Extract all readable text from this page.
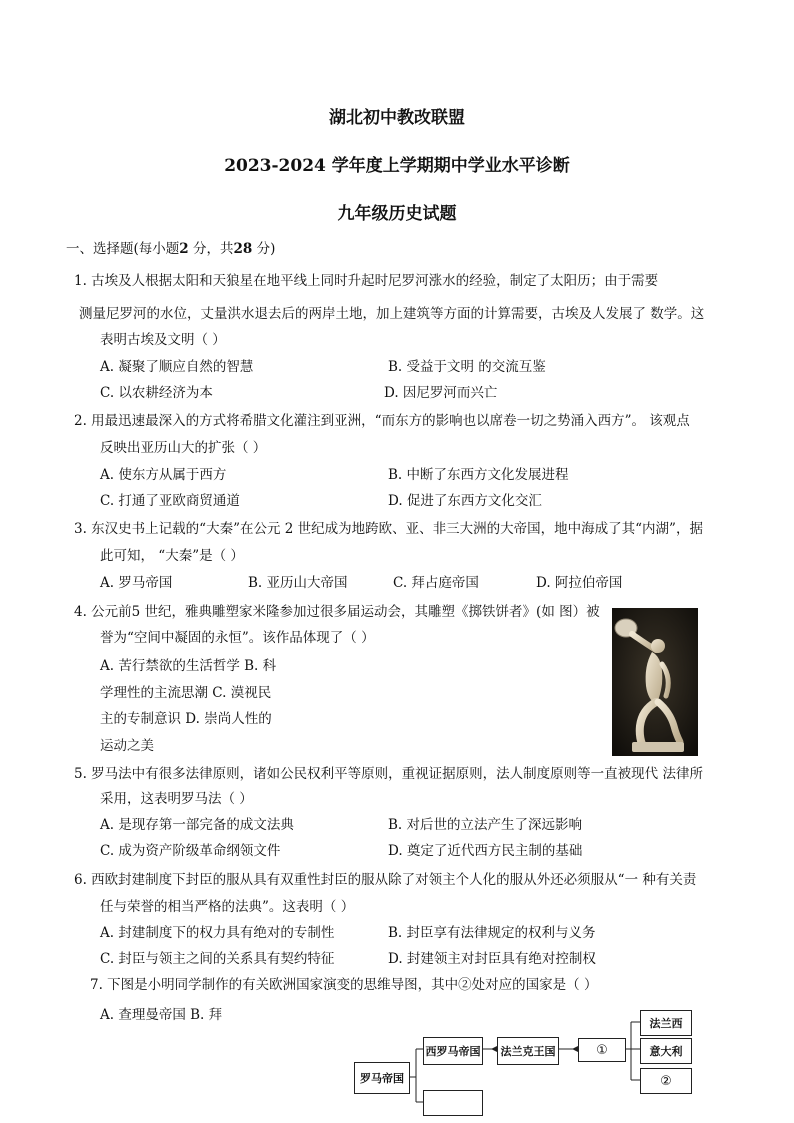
湖北初中教改联盟
2023-2024 学年度上学期期中学业水平诊断
九年级历史试题
一、选择题(每小题2 分，共28 分)
1. 古埃及人根据太阳和天狼星在地平线上同时升起时尼罗河涨水的经验，制定了太阳历；由于需要
测量尼罗河的水位，丈量洪水退去后的两岸土地，加上建筑等方面的计算需要，古埃及人发展了 数学。这
表明古埃及文明（ ）
A. 凝聚了顺应自然的智慧	B. 受益于文明 的交流互鉴
C. 以农耕经济为本	D. 因尼罗河而兴亡
2. 用最迅速最深入的方式将希腊文化灌注到亚洲，“而东方的影响也以席卷一切之势涌入西方”。 该观点
反映出亚历山大的扩张（ ）
A. 使东方从属于西方	B. 中断了东西方文化发展进程
C. 打通了亚欧商贸通道	D. 促进了东西方文化交汇
3. 东汉史书上记载的“大秦”在公元 2 世纪成为地跨欧、亚、非三大洲的大帝国，地中海成了其“内湖”，据
此可知， “大秦”是（ ）
A. 罗马帝国	B. 亚历山大帝国	C. 拜占庭帝国	D. 阿拉伯帝国
4. 公元前5 世纪，雅典雕塑家米隆参加过很多届运动会，其雕塑《掷铁饼者》(如 图）被
誉为“空间中凝固的永恒”。该作品体现了（ ）
A. 苦行禁欲的生活哲学 B. 科
学理性的主流思潮 C. 漠视民
主的专制意识 D. 崇尚人性的
运动之美
5. 罗马法中有很多法律原则，诸如公民权利平等原则，重视证据原则，法人制度原则等一直被现代 法律所
采用，这表明罗马法（ ）
A. 是现存第一部完备的成文法典	B. 对后世的立法产生了深远影响
C. 成为资产阶级革命纲领文件	D. 奠定了近代西方民主制的基础
6. 西欧封建制度下封臣的服从具有双重性封臣的服从除了对领主个人化的服从外还必须服从“一 种有关责
任与荣誉的相当严格的法典”。这表明（ ）
A. 封建制度下的权力具有绝对的专制性	B. 封臣享有法律规定的权利与义务
C. 封臣与领主之间的关系具有契约特征	D. 封建领主对封臣具有绝对控制权
7. 下图是小明同学制作的有关欧洲国家演变的思维导图，其中②处对应的国家是（ ）
A. 查理曼帝国 B. 拜
罗马帝国
西罗马帝国	法兰克王国	①
法兰西
意大利
②
